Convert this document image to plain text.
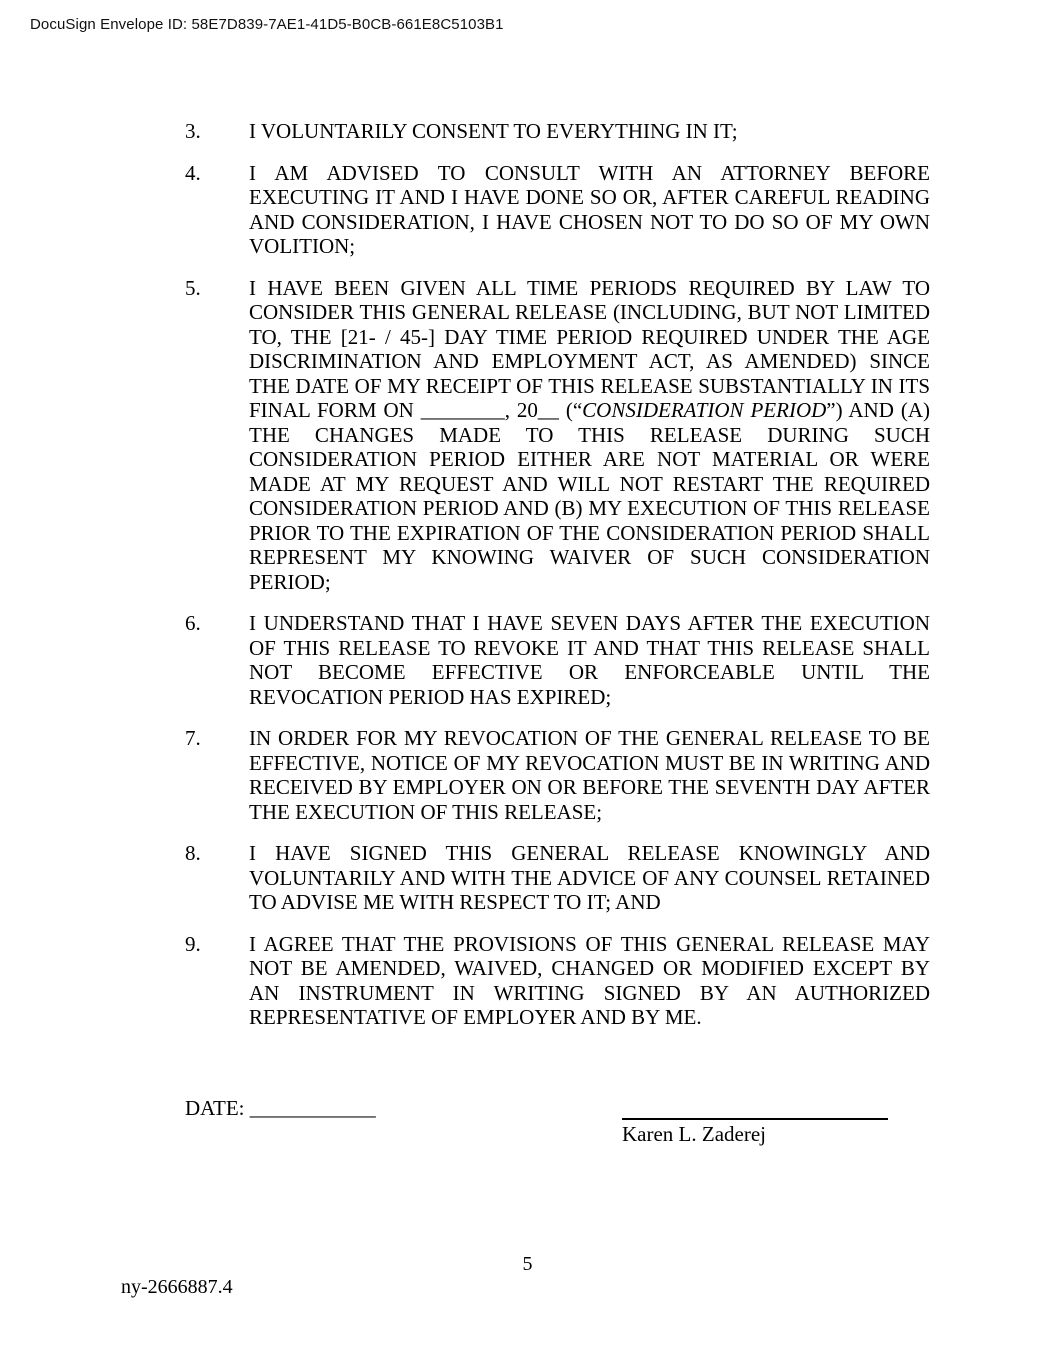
DocuSign Envelope ID: 58E7D839-7AE1-41D5-B0CB-661E8C5103B1
3.	I VOLUNTARILY CONSENT TO EVERYTHING IN IT;
4.	I AM ADVISED TO CONSULT WITH AN ATTORNEY BEFORE EXECUTING IT AND I HAVE DONE SO OR, AFTER CAREFUL READING AND CONSIDERATION, I HAVE CHOSEN NOT TO DO SO OF MY OWN VOLITION;
5.	I HAVE BEEN GIVEN ALL TIME PERIODS REQUIRED BY LAW TO CONSIDER THIS GENERAL RELEASE (INCLUDING, BUT NOT LIMITED TO, THE [21- / 45-] DAY TIME PERIOD REQUIRED UNDER THE AGE DISCRIMINATION AND EMPLOYMENT ACT, AS AMENDED) SINCE THE DATE OF MY RECEIPT OF THIS RELEASE SUBSTANTIALLY IN ITS FINAL FORM ON ________, 20__ (“CONSIDERATION PERIOD”) AND (A) THE CHANGES MADE TO THIS RELEASE DURING SUCH CONSIDERATION PERIOD EITHER ARE NOT MATERIAL OR WERE MADE AT MY REQUEST AND WILL NOT RESTART THE REQUIRED CONSIDERATION PERIOD AND (B) MY EXECUTION OF THIS RELEASE PRIOR TO THE EXPIRATION OF THE CONSIDERATION PERIOD SHALL REPRESENT MY KNOWING WAIVER OF SUCH CONSIDERATION PERIOD;
6.	I UNDERSTAND THAT I HAVE SEVEN DAYS AFTER THE EXECUTION OF THIS RELEASE TO REVOKE IT AND THAT THIS RELEASE SHALL NOT BECOME EFFECTIVE OR ENFORCEABLE UNTIL THE REVOCATION PERIOD HAS EXPIRED;
7.	IN ORDER FOR MY REVOCATION OF THE GENERAL RELEASE TO BE EFFECTIVE, NOTICE OF MY REVOCATION MUST BE IN WRITING AND RECEIVED BY EMPLOYER ON OR BEFORE THE SEVENTH DAY AFTER THE EXECUTION OF THIS RELEASE;
8.	I HAVE SIGNED THIS GENERAL RELEASE KNOWINGLY AND VOLUNTARILY AND WITH THE ADVICE OF ANY COUNSEL RETAINED TO ADVISE ME WITH RESPECT TO IT; AND
9.	I AGREE THAT THE PROVISIONS OF THIS GENERAL RELEASE MAY NOT BE AMENDED, WAIVED, CHANGED OR MODIFIED EXCEPT BY AN INSTRUMENT IN WRITING SIGNED BY AN AUTHORIZED REPRESENTATIVE OF EMPLOYER AND BY ME.
DATE: ____________
Karen L. Zaderej
5
ny-2666887.4
